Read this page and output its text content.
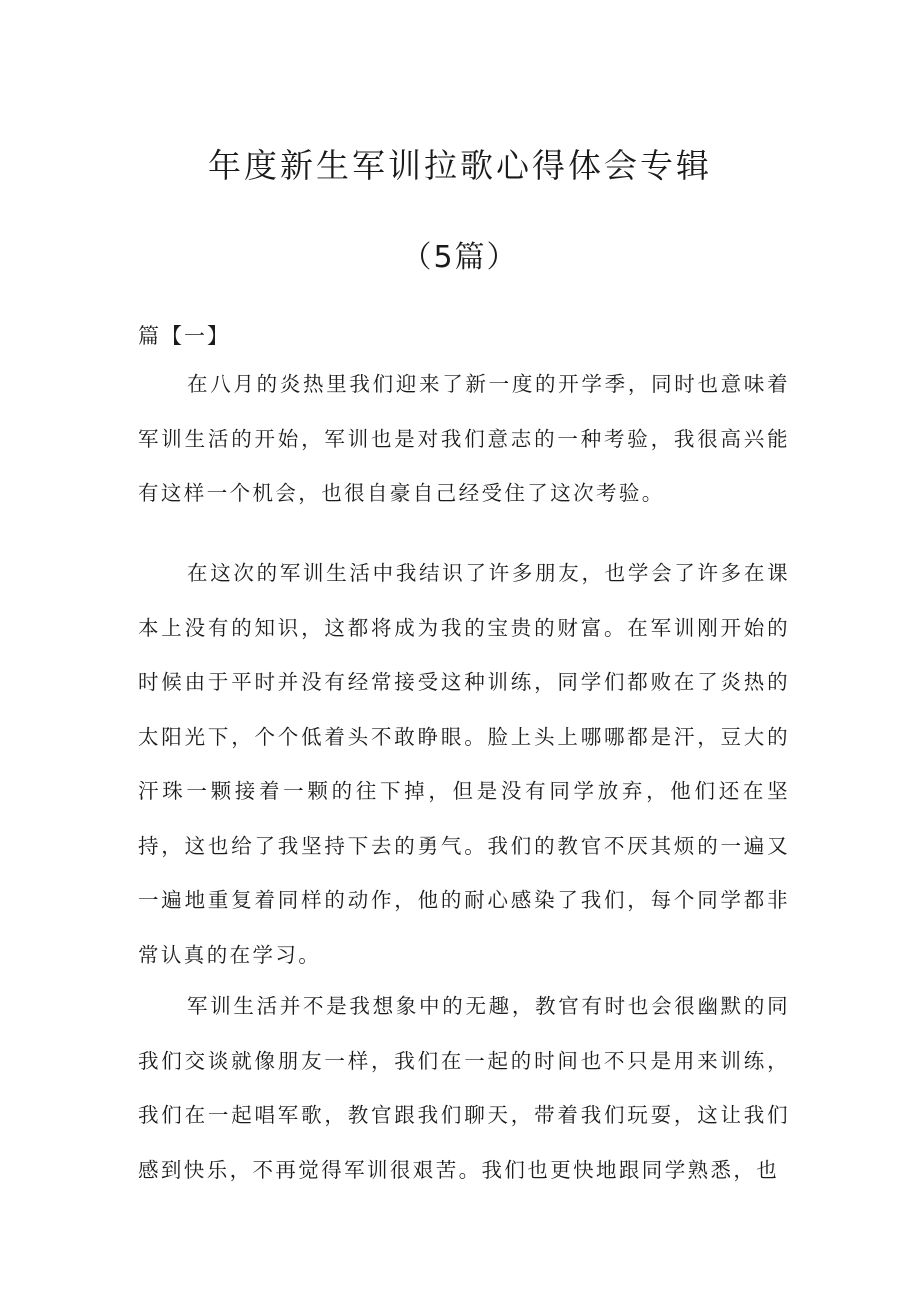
年度新生军训拉歌心得体会专辑
（5篇）
篇【一】

在八月的炎热里我们迎来了新一度的开学季，同时也意味着军训生活的开始，军训也是对我们意志的一种考验，我很高兴能有这样一个机会，也很自豪自己经受住了这次考验。

在这次的军训生活中我结识了许多朋友，也学会了许多在课本上没有的知识，这都将成为我的宝贵的财富。在军训刚开始的时候由于平时并没有经常接受这种训练，同学们都败在了炎热的太阳光下，个个低着头不敢睁眼。脸上头上哪哪都是汗，豆大的汗珠一颗接着一颗的往下掉，但是没有同学放弃，他们还在坚持，这也给了我坚持下去的勇气。我们的教官不厌其烦的一遍又一遍地重复着同样的动作，他的耐心感染了我们，每个同学都非常认真的在学习。

军训生活并不是我想象中的无趣，教官有时也会很幽默的同我们交谈就像朋友一样，我们在一起的时间也不只是用来训练，我们在一起唱军歌，教官跟我们聊天，带着我们玩耍，这让我们感到快乐，不再觉得军训很艰苦。我们也更快地跟同学熟悉，也
